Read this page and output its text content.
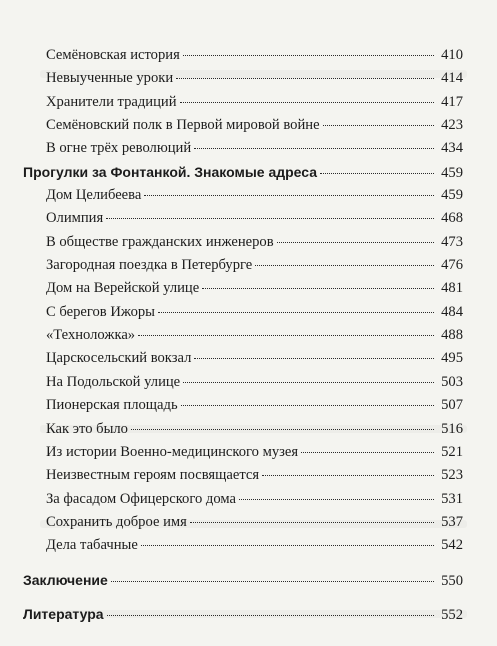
Семёновская история	410
Невыученные уроки	414
Хранители традиций	417
Семёновский полк в Первой мировой войне	423
В огне трёх революций	434
Прогулки за Фонтанкой. Знакомые адреса	459
Дом Целибеева	459
Олимпия	468
В обществе гражданских инженеров	473
Загородная поездка в Петербурге	476
Дом на Верейской улице	481
С берегов Ижоры	484
«Техноложка»	488
Царскосельский вокзал	495
На Подольской улице	503
Пионерская площадь	507
Как это было	516
Из истории Военно-медицинского музея	521
Неизвестным героям посвящается	523
За фасадом Офицерского дома	531
Сохранить доброе имя	537
Дела табачные	542
Заключение	550
Литература	552
